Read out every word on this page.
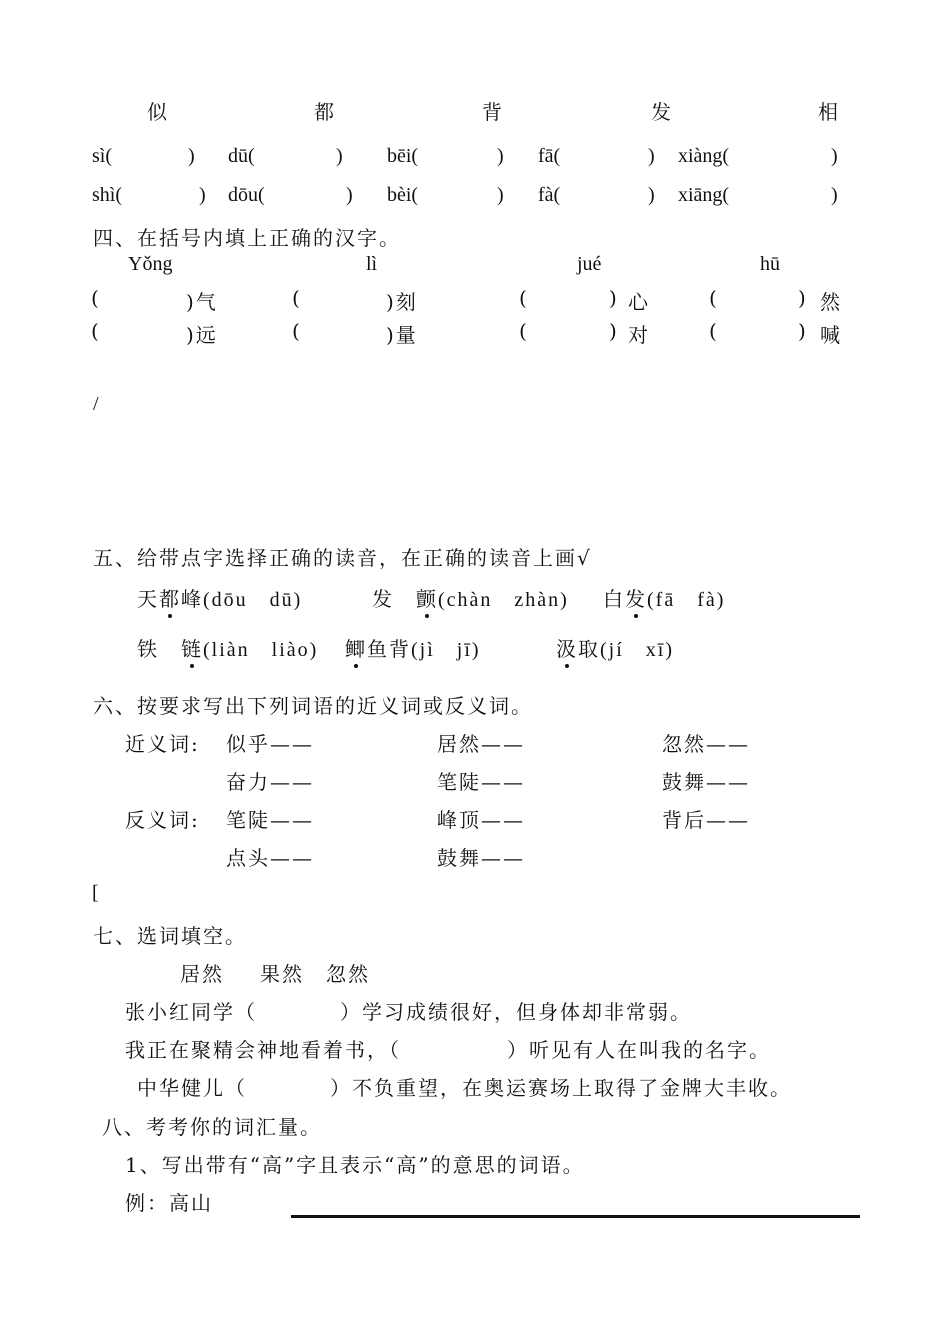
似	都	背	发	相
sì(	) dū(	) bēi(	) fā(	) xiàng(	)
shì(	) dōu(	) bèi(	) fà(	) xiāng(	)
四、在括号内填上正确的汉字。
Yǒng	lì	jué	hū
(	)气	(	)刻	(	) 心	(	) 然
(	)远	(	)量	(	) 对	(	) 喊
/
五、给带点字选择正确的读音，在正确的读音上画√
天都峰(dōu　dū)	发　颤(chàn　zhàn) 白发(fā　fà)
铁　链(liàn　liào) 鲫鱼背(jì　jī)	汲取(jí　xī)
六、按要求写出下列词语的近义词或反义词。
近义词: 似乎——	居然——	忽然——
奋力——	笔陡——	鼓舞——
反义词: 笔陡——	峰顶——	背后——
点头——	鼓舞——
[
七、选词填空。
居然 果然 忽然
张小红同学（	）学习成绩很好，但身体却非常弱。
我正在聚精会神地看着书，（	）听见有人在叫我的名字。
中华健儿（	）不负重望，在奥运赛场上取得了金牌大丰收。
八、考考你的词汇量。
1、写出带有“高”字且表示“高”的意思的词语。
例：高山
